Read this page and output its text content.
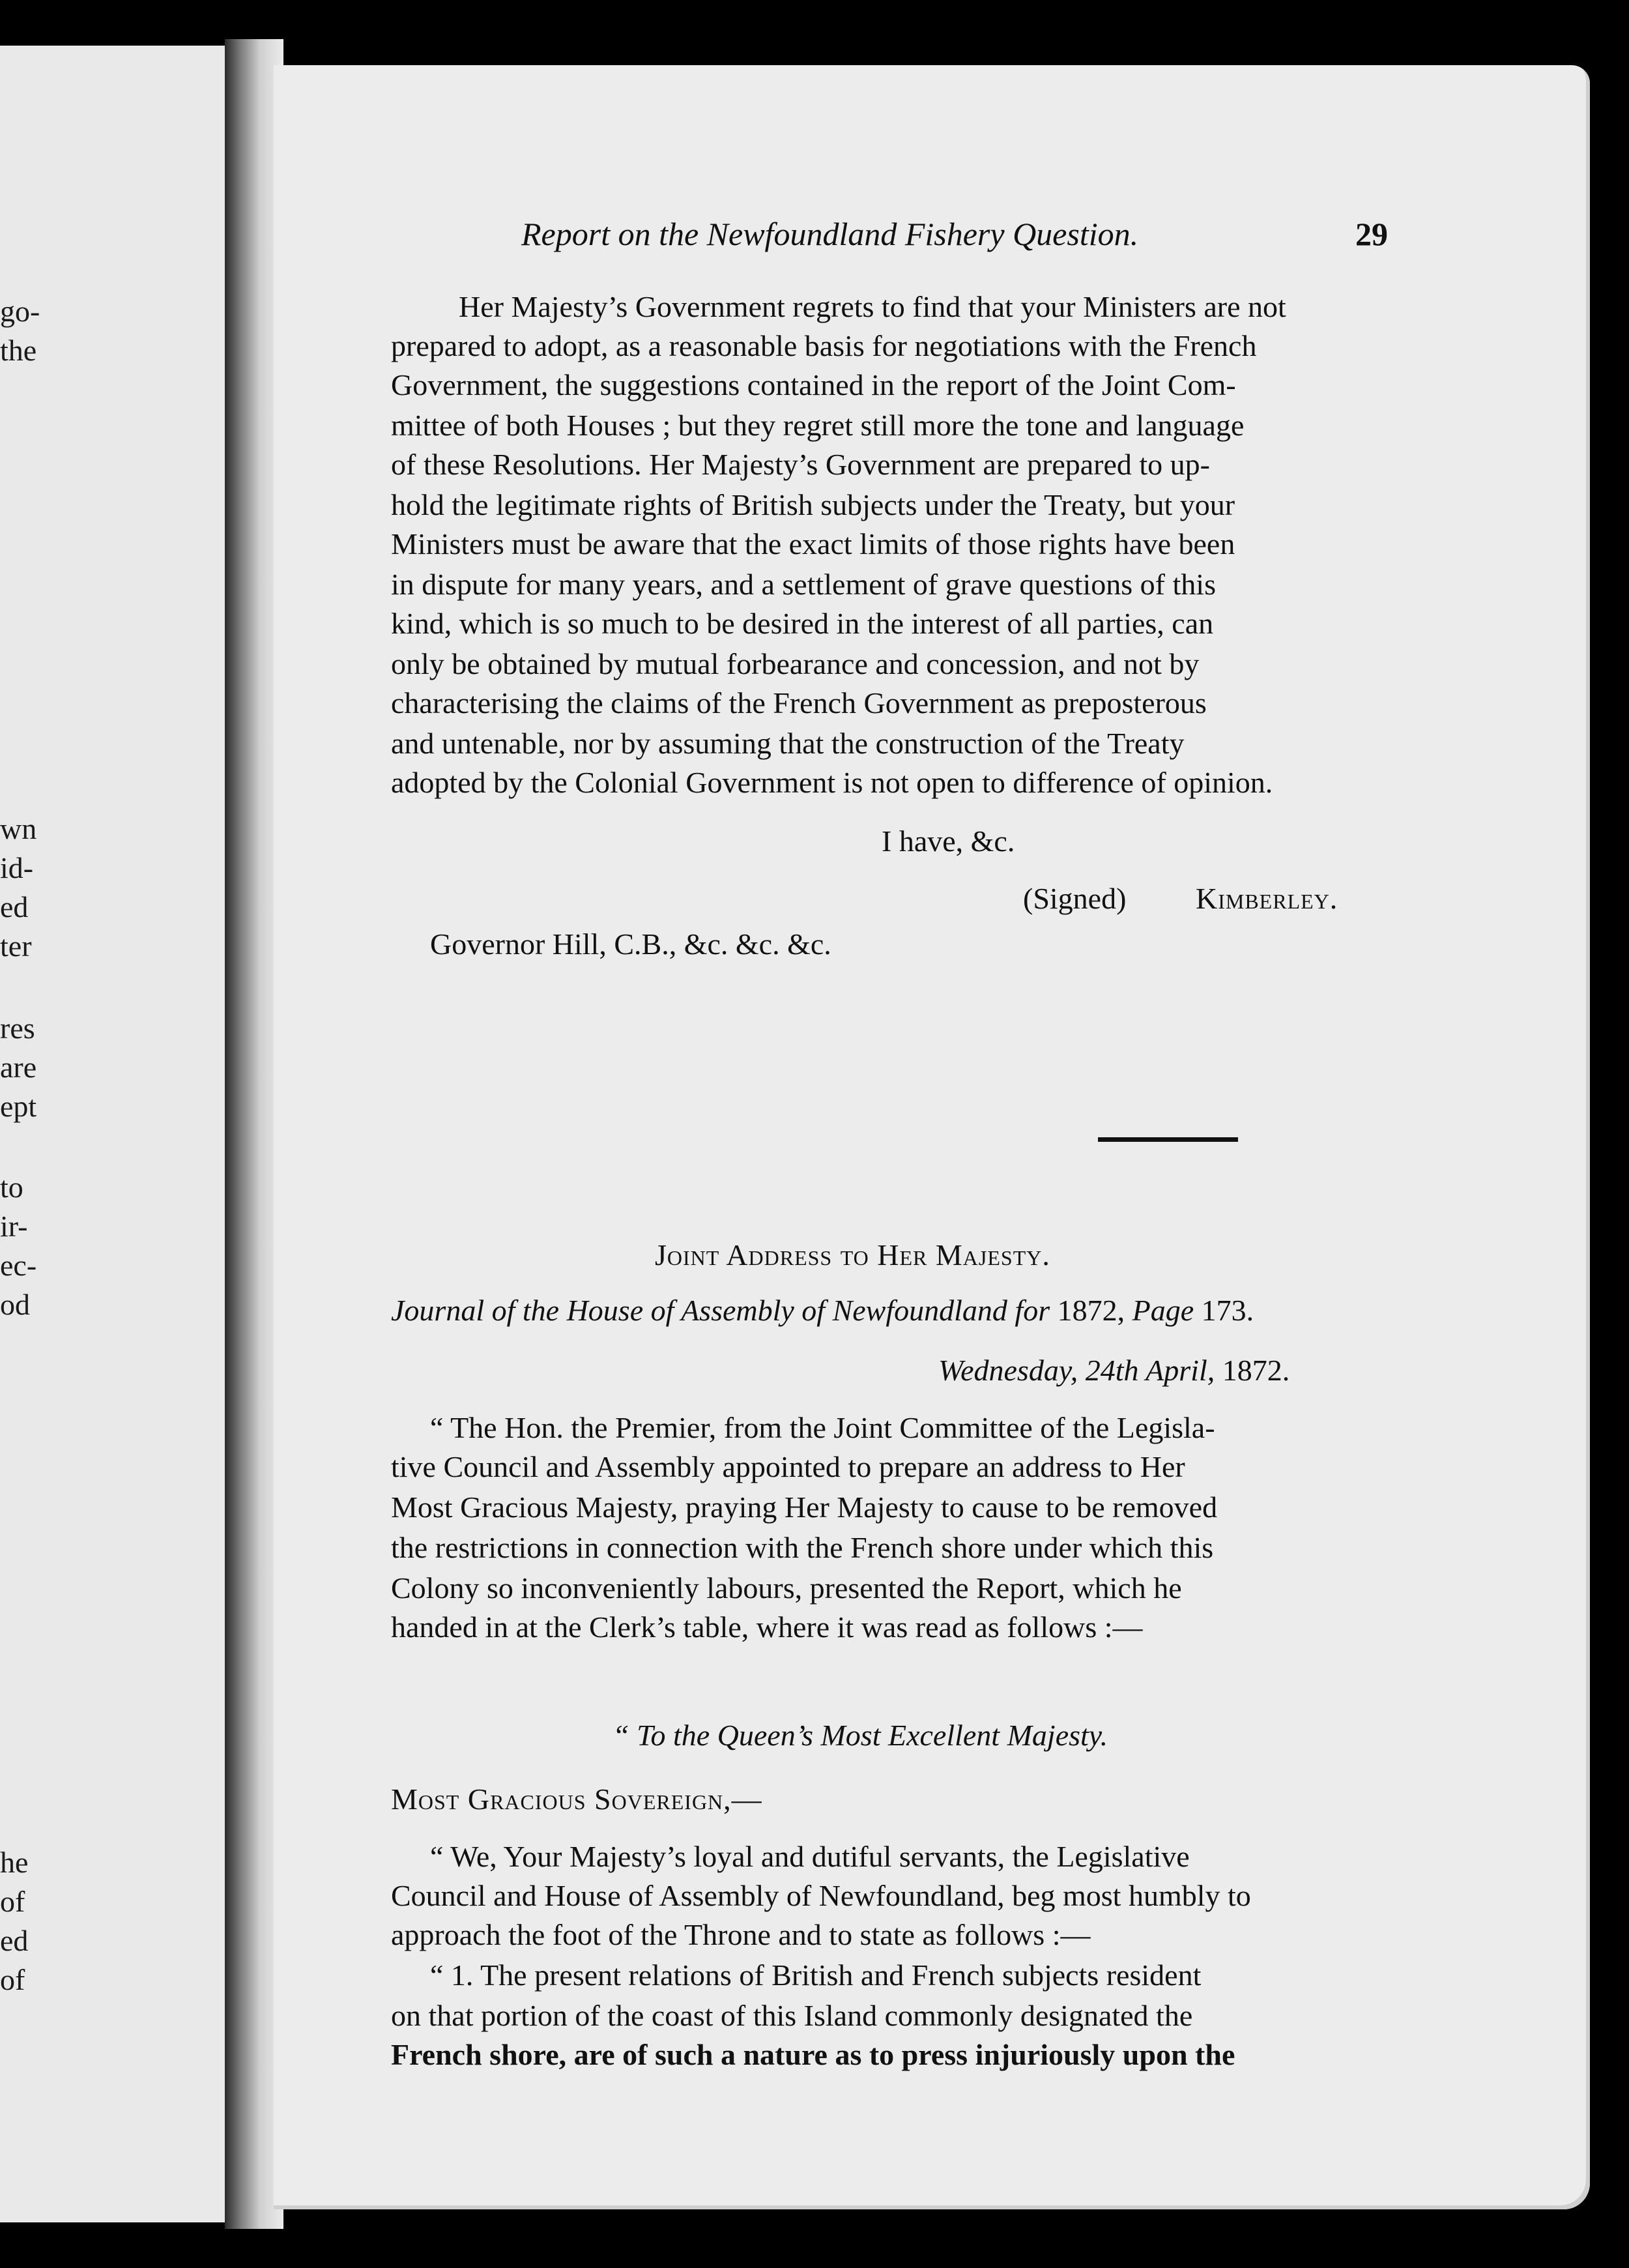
go-
the
wn
id-
ed
ter
res
are
ept
to
ir-
ec-
od
he
of
ed
of
Report on the Newfoundland Fishery Question.	29
Her Majesty’s Government regrets to find that your Ministers are not
prepared to adopt, as a reasonable basis for negotiations with the French
Government, the suggestions contained in the report of the Joint Com-
mittee of both Houses ; but they regret still more the tone and language
of these Resolutions. Her Majesty’s Government are prepared to up-
hold the legitimate rights of British subjects under the Treaty, but your
Ministers must be aware that the exact limits of those rights have been
in dispute for many years, and a settlement of grave questions of this
kind, which is so much to be desired in the interest of all parties, can
only be obtained by mutual forbearance and concession, and not by
characterising the claims of the French Government as preposterous
and untenable, nor by assuming that the construction of the Treaty
adopted by the Colonial Government is not open to difference of opinion.
I have, &c.
(Signed) Kimberley.
Governor Hill, C.B., &c. &c. &c.
Joint Address to Her Majesty.
Journal of the House of Assembly of Newfoundland for 1872, Page 173.
Wednesday, 24th April, 1872.
“ The Hon. the Premier, from the Joint Committee of the Legisla-
tive Council and Assembly appointed to prepare an address to Her
Most Gracious Majesty, praying Her Majesty to cause to be removed
the restrictions in connection with the French shore under which this
Colony so inconveniently labours, presented the Report, which he
handed in at the Clerk’s table, where it was read as follows :—
“ To the Queen’s Most Excellent Majesty.
Most Gracious Sovereign,—
“ We, Your Majesty’s loyal and dutiful servants, the Legislative
Council and House of Assembly of Newfoundland, beg most humbly to
approach the foot of the Throne and to state as follows :—
“ 1. The present relations of British and French subjects resident
on that portion of the coast of this Island commonly designated the
French shore, are of such a nature as to press injuriously upon the
